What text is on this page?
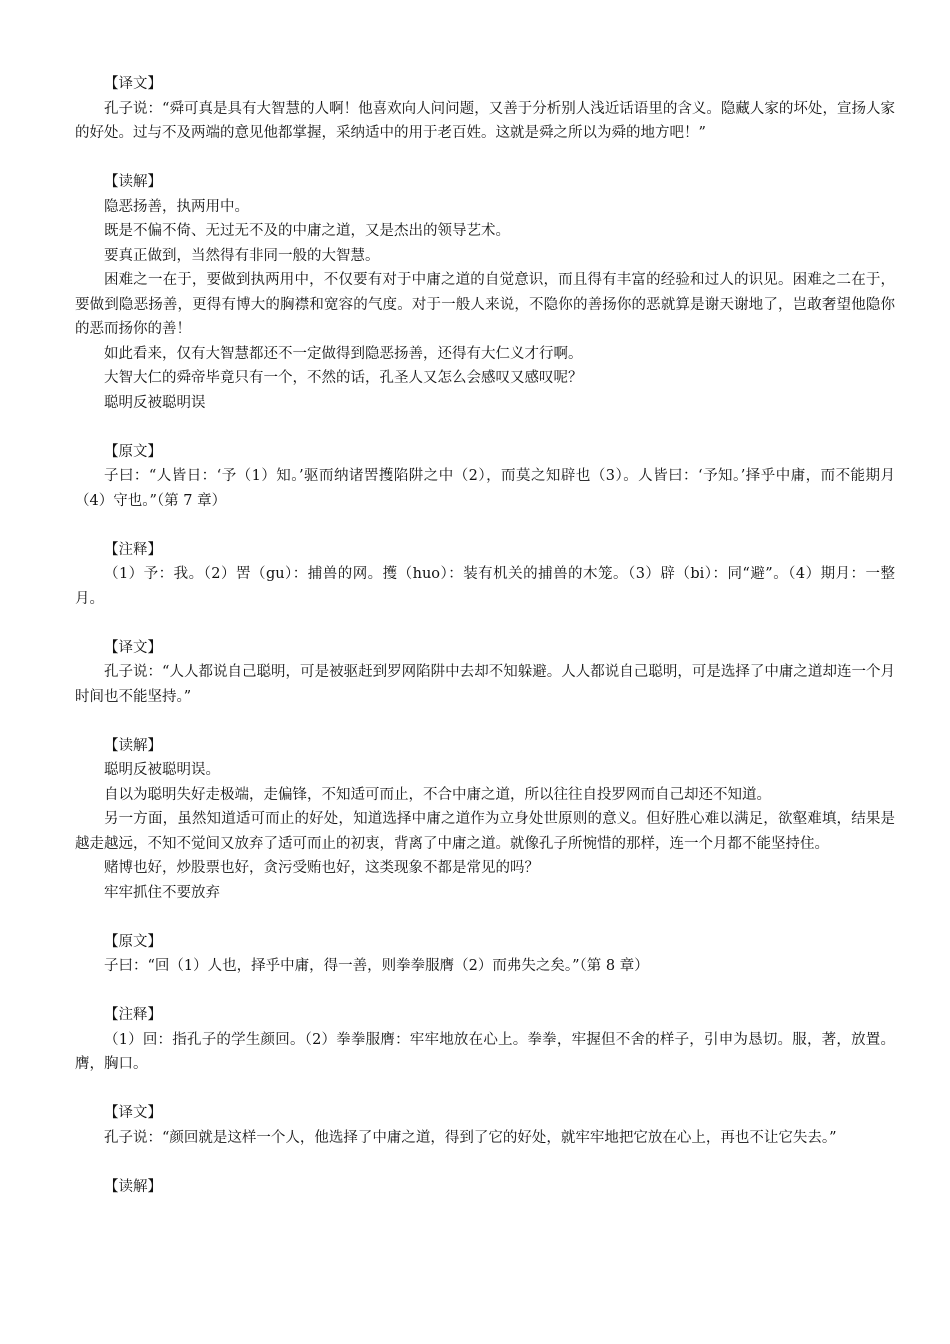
【译文】
孔子说：“舜可真是具有大智慧的人啊！他喜欢向人问问题，又善于分析别人浅近话语里的含义。隐藏人家的坏处，宣扬人家的好处。过与不及两端的意见他都掌握，采纳适中的用于老百姓。这就是舜之所以为舜的地方吧！”
【读解】
隐恶扬善，执两用中。
既是不偏不倚、无过无不及的中庸之道，又是杰出的领导艺术。
要真正做到，当然得有非同一般的大智慧。
困难之一在于，要做到执两用中，不仅要有对于中庸之道的自觉意识，而且得有丰富的经验和过人的识见。困难之二在于，要做到隐恶扬善，更得有博大的胸襟和宽容的气度。对于一般人来说，不隐你的善扬你的恶就算是谢天谢地了，岂敢奢望他隐你的恶而扬你的善！
如此看来，仅有大智慧都还不一定做得到隐恶扬善，还得有大仁义才行啊。
大智大仁的舜帝毕竟只有一个，不然的话，孔圣人又怎么会感叹又感叹呢？
聪明反被聪明误
【原文】
子曰：“人皆日：‘予（1）知。’驱而纳诸罟擭陷阱之中（2），而莫之知辟也（3）。人皆曰：‘予知。’择乎中庸，而不能期月（4）守也。”（第 7 章）
【注释】
（1）予：我。（2）罟（gu）：捕兽的网。擭（huo）：装有机关的捕兽的木笼。（3）辟（bi）：同“避”。（4）期月：一整月。
【译文】
孔子说：“人人都说自己聪明，可是被驱赶到罗网陷阱中去却不知躲避。人人都说自己聪明，可是选择了中庸之道却连一个月时间也不能坚持。”
【读解】
聪明反被聪明误。
自以为聪明失好走极端，走偏锋，不知适可而止，不合中庸之道，所以往往自投罗网而自己却还不知道。
另一方面，虽然知道适可而止的好处，知道选择中庸之道作为立身处世原则的意义。但好胜心难以满足，欲壑难填，结果是越走越远，不知不觉间又放弃了适可而止的初衷，背离了中庸之道。就像孔子所惋惜的那样，连一个月都不能坚持住。
赌博也好，炒股票也好，贪污受贿也好，这类现象不都是常见的吗？
牢牢抓住不要放弃
【原文】
子曰：“回（1）人也，择乎中庸，得一善，则拳拳服膺（2）而弗失之矣。”（第 8 章）
【注释】
（1）回：指孔子的学生颜回。（2）拳拳服膺：牢牢地放在心上。拳拳，牢握但不舍的样子，引申为恳切。服，著，放置。膺，胸口。
【译文】
孔子说：“颜回就是这样一个人，他选择了中庸之道，得到了它的好处，就牢牢地把它放在心上，再也不让它失去。”
【读解】
